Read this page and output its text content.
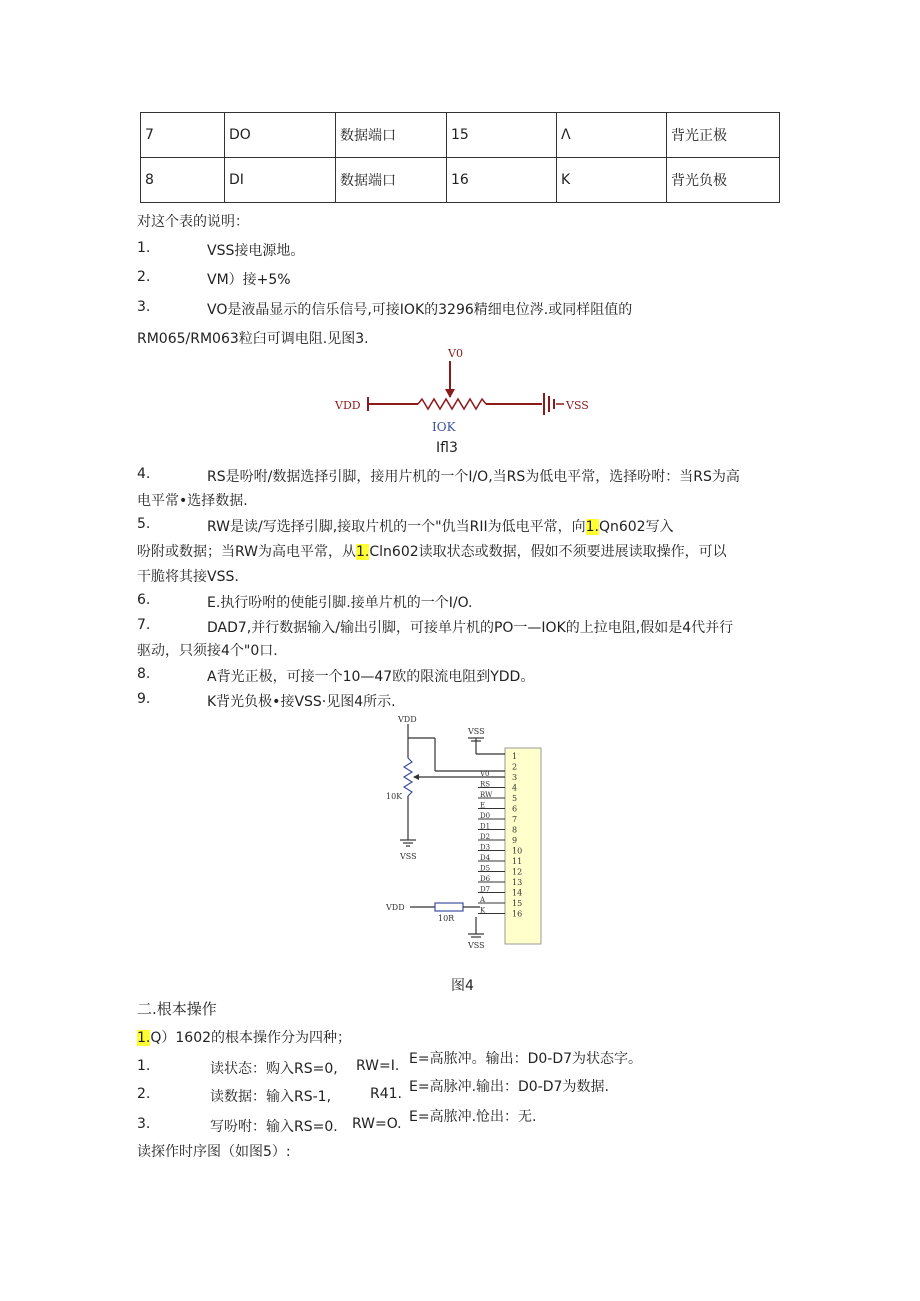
7	DO	数据端口	15	Λ	背光正极
8	DI	数据端口	16	K	背光负极
对这个表的说明：
1.	VSS接电源地。
2.	VM）接+5%
3.	VO是液晶显示的信乐信号,可接IOK的3296精细电位涔.或同样阻值的
RM065/RM063粒臼可调电阻.见图3.
V0
VDD	VSS
IOK
Ifl3
4.	RS是吩咐/数据选择引脚，接用片机的一个I/O,当RS为低电平常，选择吩咐：当RS为高
电平常•选择数据.
5.	RW是读/写选择引脚,接取片机的一个"仇当RII为低电平常，向1.Qn602写入
吩附或数据；当RW为高电平常，从1.Cln602读取状态或数据，假如不须要进展读取操作，可以
干脆将其接VSS.
6.	E.执行吩咐的使能引脚.接单片机的一个I/O.
7.	DAD7,并行数据输入/输出引脚，可接单片机的PO一—IOK的上拉电阻,假如是4代并行
驱动，只须接4个"0口.
8.	A背光正极，可接一个10—47欧的限流电阻到YDD。
9.	K背光负极•接VSS·见图4所示.
VDD
10K
VSS
VSS
VDD
10R
VSS
1
2
3
4
5
6
7
8
9
10
11
12
13
14
15
16
V0
RS
RW
E
D0
D1
D2
D3
D4
D5
D6
D7
A
K
图4
二.根本操作
1.Q）1602的根本操作分为四种；
1.	读状态：购入RS=0, RW=I. E=高脓冲。输出：D0-D7为状态字。
2.	读数据：输入RS-1,	R41. E=高脉冲.输出：D0-D7为数据.
3.	写吩咐：输入RS=0. RW=O. E=高脓冲.怆出：无.
读探作时序图（如图5）:
